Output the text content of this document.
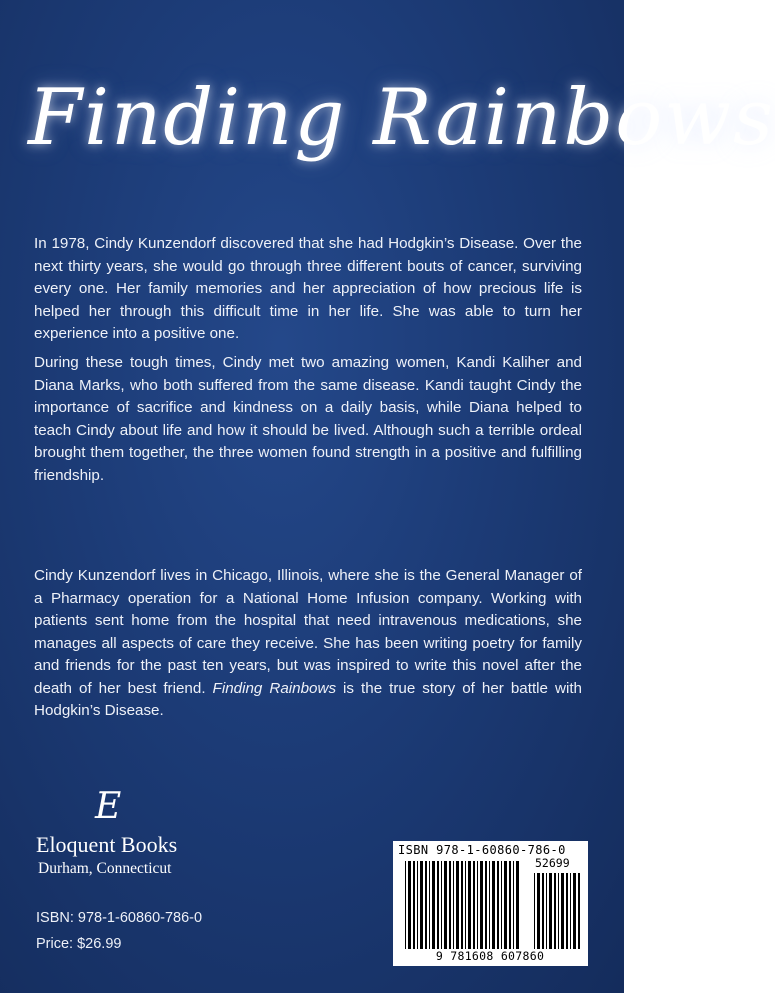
Finding Rainbows

In 1978, Cindy Kunzendorf discovered that she had Hodgkin’s Disease. Over the next thirty years, she would go through three different bouts of cancer, surviving every one. Her family memories and her appreciation of how precious life is helped her through this difficult time in her life. She was able to turn her experience into a positive one.

During these tough times, Cindy met two amazing women, Kandi Kaliher and Diana Marks, who both suffered from the same disease. Kandi taught Cindy the importance of sacrifice and kindness on a daily basis, while Diana helped to teach Cindy about life and how it should be lived. Although such a terrible ordeal brought them together, the three women found strength in a positive and fulfilling friendship.

Cindy Kunzendorf lives in Chicago, Illinois, where she is the General Manager of a Pharmacy operation for a National Home Infusion company. Working with patients sent home from the hospital that need intravenous medications, she manages all aspects of care they receive. She has been writing poetry for family and friends for the past ten years, but was inspired to write this novel after the death of her best friend. Finding Rainbows is the true story of her battle with Hodgkin’s Disease.

E
Eloquent Books
Durham, Connecticut
ISBN: 978-1-60860-786-0
Price: $26.99
ISBN 978-1-60860-786-0
52699
9 781608 607860
